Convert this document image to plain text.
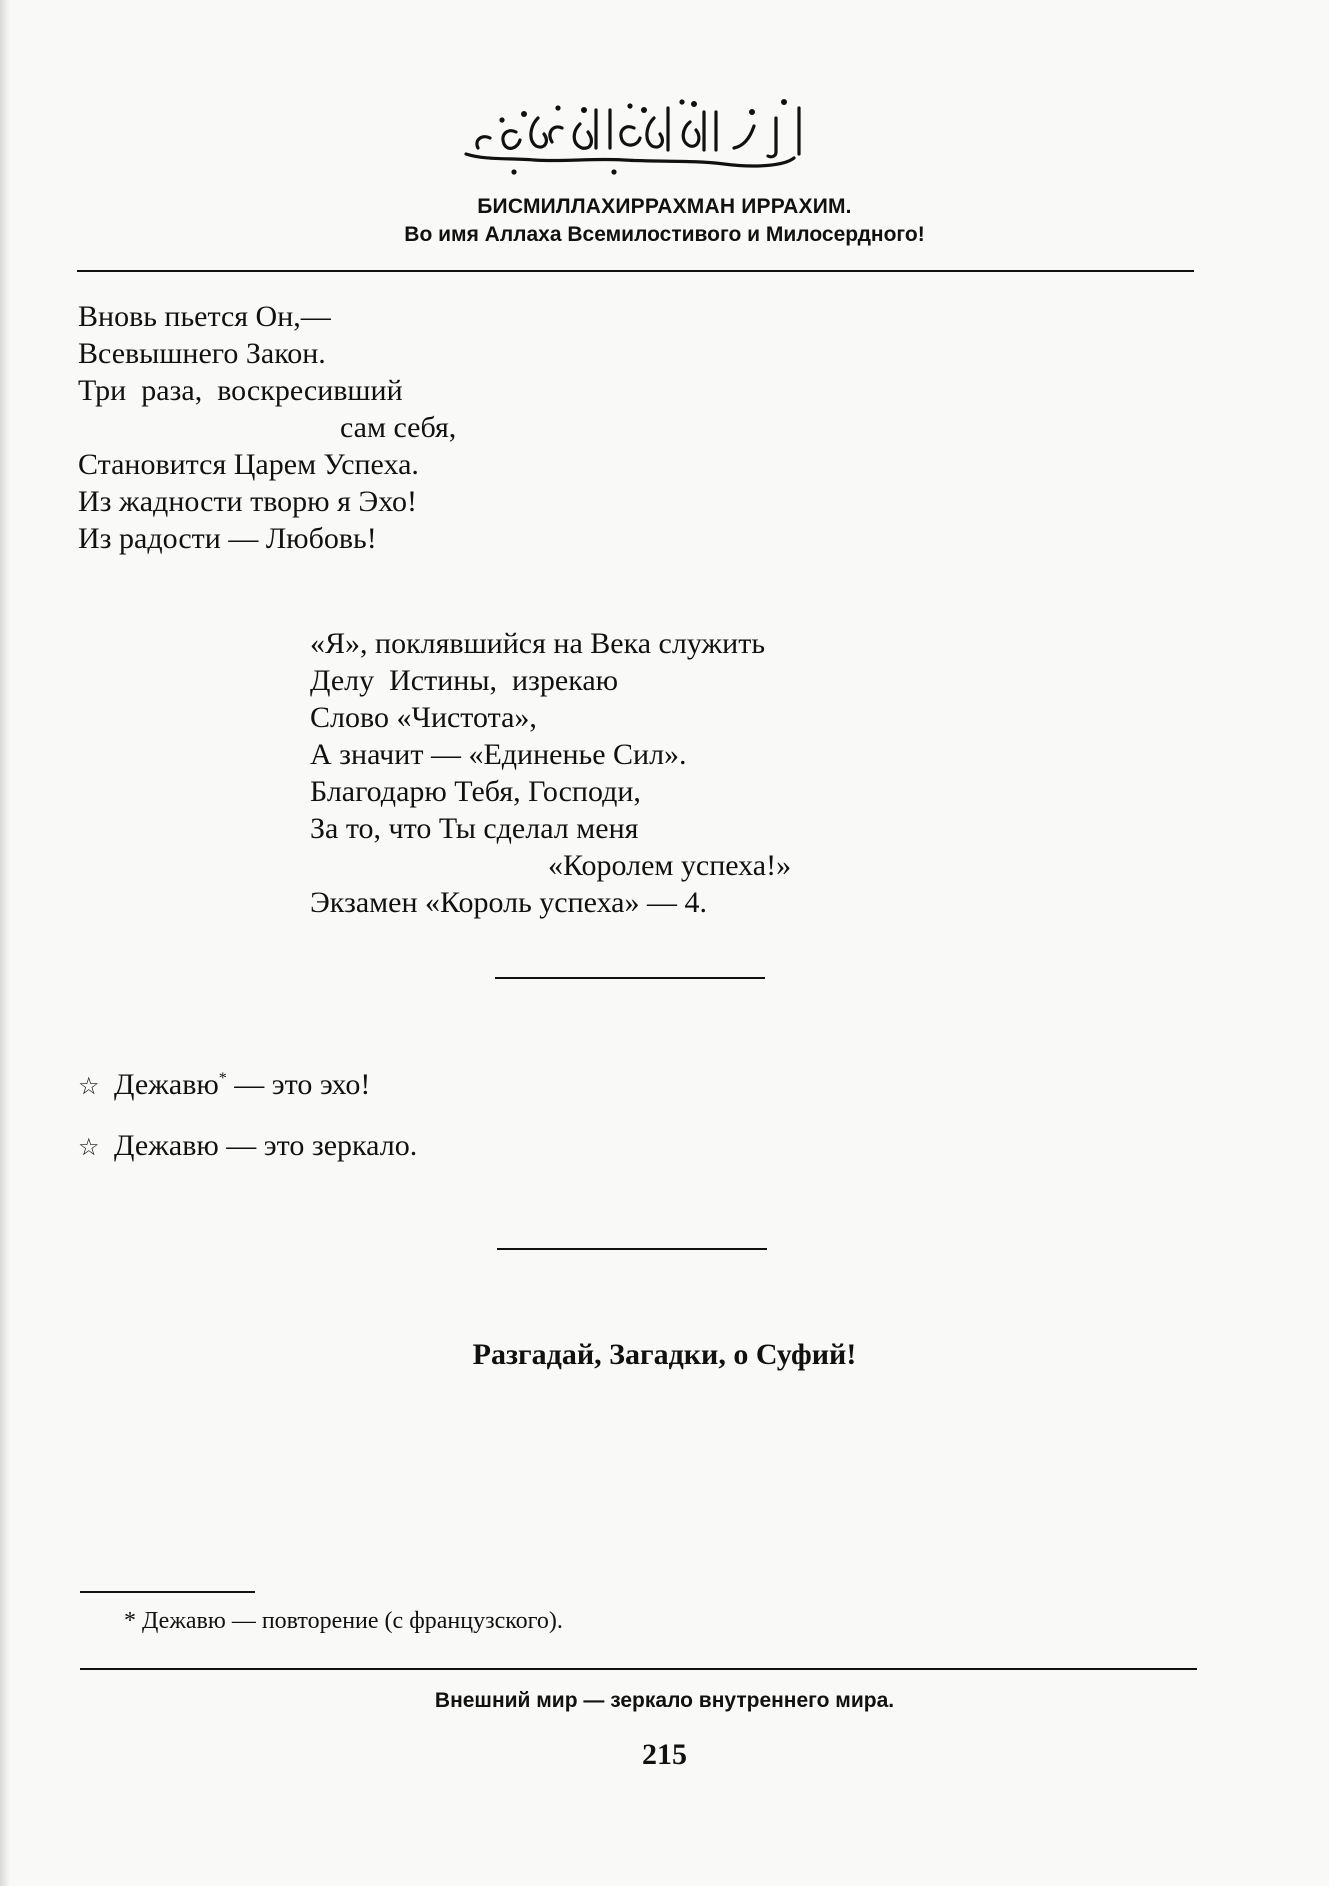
БИСМИЛЛАХИРРАХМАН ИРРАХИМ.
Во имя Аллаха Всемилостивого и Милосердного!
Вновь пьется Он,—
Всевышнего Закон.
Три  раза,  воскресивший
сам себя,
Становится Царем Успеха.
Из жадности творю я Эхо!
Из радости — Любовь!
«Я», поклявшийся на Века служить
Делу  Истины,  изрекаю
Слово «Чистота»,
А значит — «Единенье Сил».
Благодарю Тебя, Господи,
За то, что Ты сделал меня
«Королем успеха!»
Экзамен «Король успеха» — 4.
☆ Дежавю* — это эхо!
☆ Дежавю — это зеркало.
Разгадай, Загадки, о Суфий!
* Дежавю — повторение (с французского).
Внешний мир — зеркало внутреннего мира.
215
